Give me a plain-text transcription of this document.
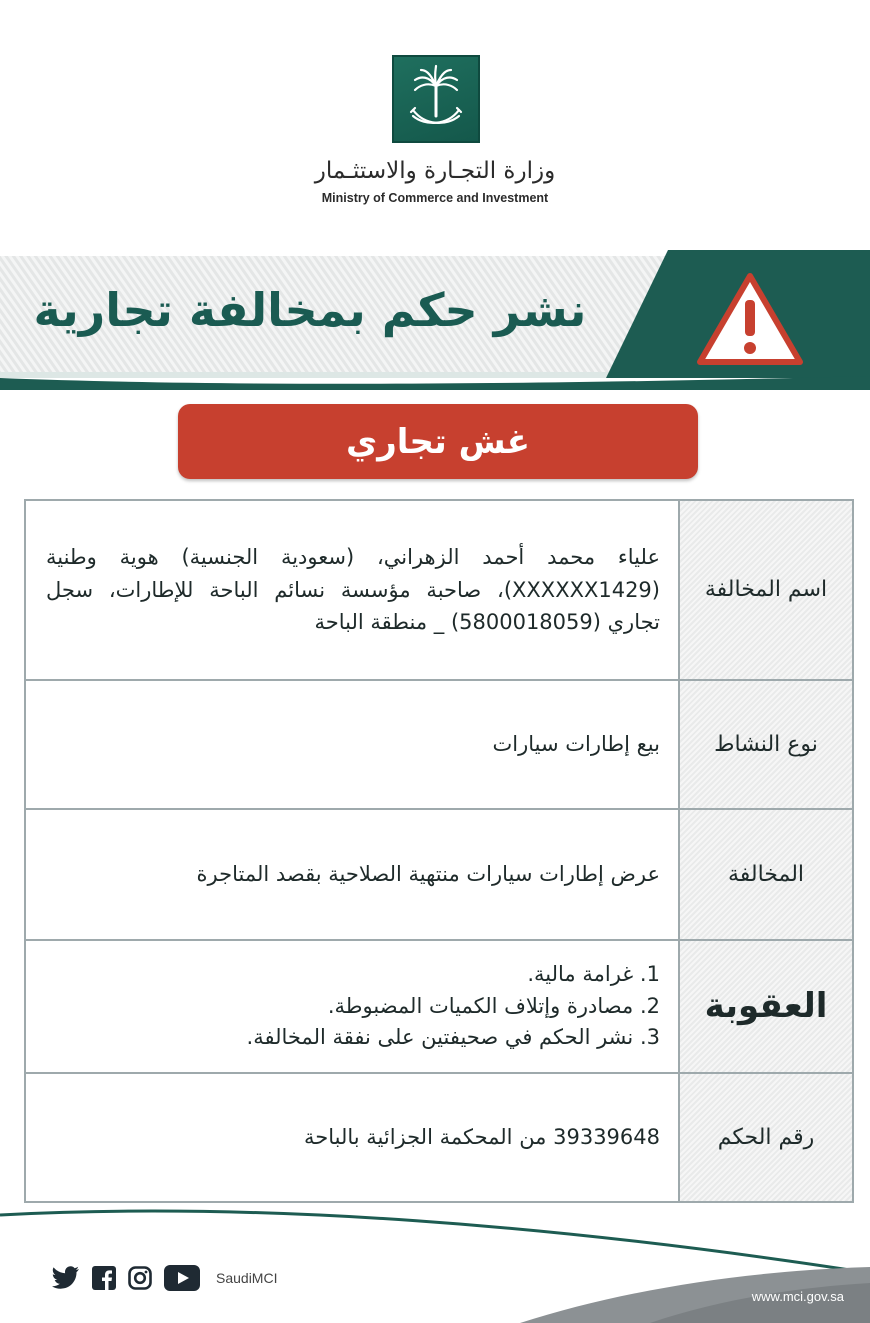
وزارة التجـارة والاستثـمار
Ministry of Commerce and Investment
نشر حكم بمخالفة تجارية
غش تجاري
اسم المخالفة
علياء محمد أحمد الزهراني، (سعودية الجنسية) هوية وطنية (XXXXXX1429)، صاحبة مؤسسة نسائم الباحة للإطارات، سجل تجاري (5800018059) _ منطقة الباحة
نوع النشاط
بيع إطارات سيارات
المخالفة
عرض إطارات سيارات منتهية الصلاحية بقصد المتاجرة
العقوبة
1. غرامة مالية.
2. مصادرة وإتلاف الكميات المضبوطة.
3. نشر الحكم في صحيفتين على نفقة المخالفة.
رقم الحكم
39339648 من المحكمة الجزائية بالباحة
SaudiMCI
www.mci.gov.sa
